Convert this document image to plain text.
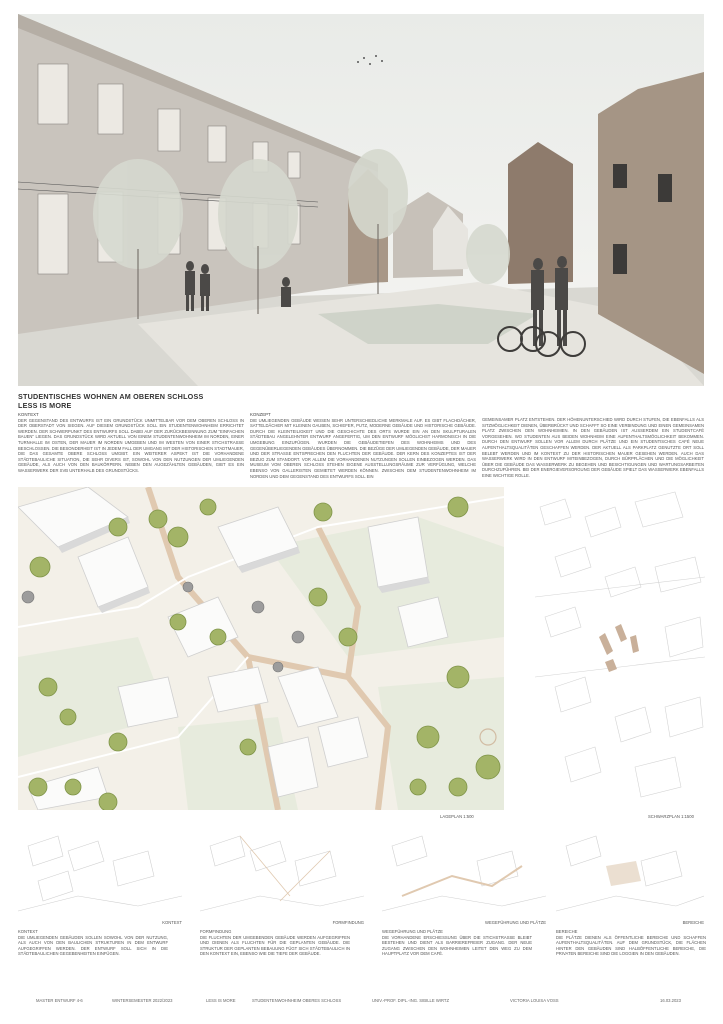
STUDENTISCHES WOHNEN AM OBEREN SCHLOSS
LESS IS MORE
KONTEXT
DER GEGENSTAND DES ENTWURFS IST EIN GRUNDSTÜCK UNMITTELBAR VOR DEM OBEREN SCHLOSS IN DER OBERSTADT VON SIEGEN. AUF DIESEM GRUNDSTÜCK SOLL EIN STUDENTENWOHNHEIM ERRICHTET WERDEN. DER SCHWERPUNKT DES ENTWURFS SOLL DABEI AUF DER ZURÜCKBESINNUNG ZUM "EINFACHEN BAUEN" LIEGEN. DAS GRUNDSTÜCK WIRD AKTUELL VON EINEM STUDENTENWOHNHEIM IM NORDEN, EINER TURNHALLE IM OSTEN, DER MAUER IM NORDEN UMGEBEN UND IM WESTEN VON EINER STICHSTRASSE BESCHLOSSEN. DIE BESONDERHEIT IST IN JEDEM FALL DER UMGANG MIT DER HISTORISCHEN STADTMAUER, DIE DAS GESAMTE OBERE SCHLOSS UMGIBT. EIN WEITERER ASPEKT IST DIE VORHANDENE STÄDTEBAULICHE SITUATION, DIE SEHR DIVERS IST, SOWOHL VON DEN NUTZUNGEN DER UMLIEGENDEN GEBÄUDE, ALS AUCH VON DEN BAUKÖRPERN. NEBEN DEN AUGEZÄHLTEN GEBÄUDEN, GIBT ES EIN WASSERWERK DER SVB UNTERHALB DES GRUNDSTÜCKS.
KONZEPT
DIE UMLIEGENDEN GEBÄUDE WEISEN SEHR UNTERSCHIEDLICHE MERKMALE AUF. ES GIBT FLACHDÄCHER, SATTELDÄCHER MIT KLEINEN GAUBEN, SCHIEFER, PUTZ, MODERNE GEBÄUDE UND HISTORISCHE GEBÄUDE. DURCH DIE KLEINTEILIGKEIT UND DIE GESCHICHTE DES ORTS WURDE EIN AN DEN SKULPTURALEN STÄDTEBAU ANGELEHNTER ENTWURF ANGEFERTIG, UM DEN ENTWURF MÖGLICHST HARMONISCH IN DIE UMGEBUNG EINZUFÜGEN. WURDEN DIE GEBÄUDETIEFEN DES WOHNHEIMS UND DES GEGENÜBERLIEGENDEN GEBÄUDES ÜBERNOMMEN. DIE BEZÜGE DER UMLIEGENDEN GEBÄUDE, DER MAUER UND DER STRASSE ENTSPRECHEN DEN FLUCHTEN DER GEBÄUDE. DER KERN DES KONZEPTES IST DER BEZUG ZUM STANDORT. VOR ALLEM DIE VORHANDENEN NUTZUNGEN SOLLEN EINBEZOGEN WERDEN. DAS MUSEUM VOM OBEREN SCHLOSS STEHEN EIGENE AUSSTELLUNGSRÄUME ZUR VERFÜGUNG, WELCHE EBENSO VON GALLERISTEN GEMIETET WERDEN KÖNNEN. ZWISCHEN DEM STUDENTENWOHNHEIM IM NORDEN UND DEM GEGENSTAND DES ENTWURFS SOLL EIN
GEMEINSAMER PLATZ ENTSTEHEN. DER HÖHENUNTERSCHIED WIRD DURCH STUFEN, DIE EBENFALLS ALS SITZMÖGLICHKEIT DIENEN, ÜBERBRÜCKT UND SCHAFFT SO EINE VERBINDUNG UND EINEN GEMEINSAMEN PLATZ ZWISCHEN DEN WOHNHEIMEN. IN DEN GEBÄUDEN IST AUSSERDEM EIN STUDENTCAFÉ VORGESEHEN. WO STUDENTEN AUS BEIDEN WOHNHEIM EINE AUFENTHALTSMÖGLICHKEIT BEKOMMEN. DURCH DEN ENTWURF SOLLEN VOR ALLEM DURCH PLÄTZE UND EIN STUDENTISCHES CAFÉ NEUE AUFENTHALTSQUALITÄTEN GESCHAFFEN WERDEN. DER AKTUELL ALS PARKPLATZ GENUTZTE ORT SOLL BELEBT WERDEN UND IM KONTEXT ZU DER HISTORISCHEN MAUER GESEHEN WERDEN. AUCH DAS WASSERWERK WIRD IN DEN ENTWURF MITEINBEZOGEN, DURCH BÜRPFLÄCHEN UND DIE MÖGLICHKEIT ÜBER DIE GEBÄUDE DAS WASSERWERK ZU BEGEHEN UND BESICHTIGUNGEN UND WARTUNGSARBEITEN DURCHZUFÜHREN. BEI DER ENERGIEVERSORGUNG DER GEBÄUDE SPIELT DAS WASSERWERK EBENFALLS EINE WICHTIGE ROLLE.
LAGEPLAN 1:500	SCHWARZPLAN 1:1500
KONTEXT	FORMFINDUNG	WEGEFÜHRUNG UND PLÄTZE	BEREICHE
KONTEXT
DIE UMLIEGENDEN GEBÄUDEN SOLLEN SOWOHL VON DER NUTZUNG, ALS AUCH VON DEN BAULICHEN STRUKTUREN IN DEM ENTWURF AUFGEGRIFFEN WERDEN. DER ENTWURF SOLL SICH IN DIE STÄDTEBAULICHEN GEGEBENHEITEN EINFÜGEN.
FORMFINDUNG
DIE FLUCHTEN DER UMGEBENDEN GEBÄUDE WERDEN AUFGEGRIFFEN UND DIENEN ALS FLUCHTEN FÜR DIE GEPLANTEN GEBÄUDE. DIE STRUKTUR DER GEPLANTEN BEBAUUNG FÜGT SICH STÄDTEBAULICH IN DEN KONTEXT EIN, EBENSO WIE DIE TIEFE DER GEBÄUDE.
WEGEFÜHRUNG UND PLÄTZE
DIE VORHANDENE ERSCHIESSUNG ÜBER DIE STICHSTRASSE BLEIBT BESTEHEN UND DIENT ALS BARRIEREFREIER ZUGANG. DER NEUE ZUGANG ZWISCHEN DEN WOHNHEIMEN LEITET DEN WEG ZU DEM HAUPTPLATZ VOR DEM CAFÉ.
BEREICHE
DIE PLÄTZE DIENEN ALS ÖFFENTLICHE BEREICHE UND SCHAFFEN AUFENTHALTSQUALITÄTEN. AUF DEM GRUNDSTÜCK, DIE FLÄCHEN HINTER DEN GEBÄUDEN SIND HALBÖFFENTLICHE BEREICHE, DIE PRIVATEN BEREICHE SIND DIE LOGGIEN IN DEN GEBÄUDEN.
MASTER ENTWURF 4-6	WINTERSEMESTER 2022/2023	LESS IS MORE	STUDENTENWOHNHEIM OBERES SCHLOSS	UNIV.-PROF. DIPL.-ING. SIBILLE WIRTZ	VICTORIA LOUISA VOSS	16.03.2023
